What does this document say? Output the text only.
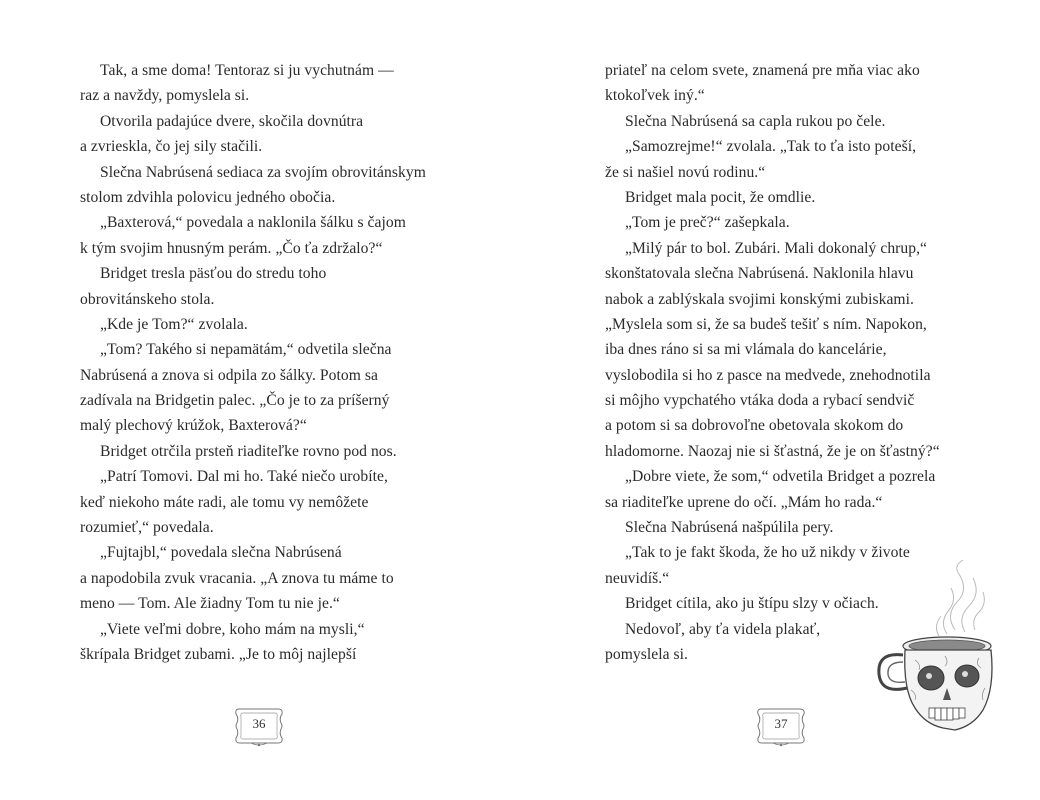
Tak, a sme doma! Tentoraz si ju vychutnám —
raz a navždy, pomyslela si.
Otvorila padajúce dvere, skočila dovnútra
a zvrieskla, čo jej sily stačili.
Slečna Nabrúsená sediaca za svojím obrovitánskym
stolom zdvihla polovicu jedného obočia.
„Baxterová,“ povedala a naklonila šálku s čajom
k tým svojim hnusným perám. „Čo ťa zdržalo?“
Bridget tresla päsťou do stredu toho
obrovitánskeho stola.
„Kde je Tom?“ zvolala.
„Tom? Takého si nepamätám,“ odvetila slečna
Nabrúsená a znova si odpila zo šálky. Potom sa
zadívala na Bridgetin palec. „Čo je to za príšerný
malý plechový krúžok, Baxterová?“
Bridget otrčila prsteň riaditeľke rovno pod nos.
„Patrí Tomovi. Dal mi ho. Také niečo urobíte,
keď niekoho máte radi, ale tomu vy nemôžete
rozumieť,“ povedala.
„Fujtajbl,“ povedala slečna Nabrúsená
a napodobila zvuk vracania. „A znova tu máme to
meno — Tom. Ale žiadny Tom tu nie je.“
„Viete veľmi dobre, koho mám na mysli,“
škrípala Bridget zubami. „Je to môj najlepší
36
priateľ na celom svete, znamená pre mňa viac ako
ktokoľvek iný.“
Slečna Nabrúsená sa capla rukou po čele.
„Samozrejme!“ zvolala. „Tak to ťa isto poteší,
že si našiel novú rodinu.“
Bridget mala pocit, že omdlie.
„Tom je preč?“ zašepkala.
„Milý pár to bol. Zubári. Mali dokonalý chrup,“
skonštatovala slečna Nabrúsená. Naklonila hlavu
nabok a zablýskala svojimi konskými zubiskami.
„Myslela som si, že sa budeš tešiť s ním. Napokon,
iba dnes ráno si sa mi vlámala do kancelárie,
vyslobodila si ho z pasce na medvede, znehodnotila
si môjho vypchatého vtáka doda a rybací sendvič
a potom si sa dobrovoľne obetovala skokom do
hladomorne. Naozaj nie si šťastná, že je on šťastný?“
„Dobre viete, že som,“ odvetila Bridget a pozrela
sa riaditeľke uprene do očí. „Mám ho rada.“
Slečna Nabrúsená našpúlila pery.
„Tak to je fakt škoda, že ho už nikdy v živote
neuvidíš.“
Bridget cítila, ako ju štípu slzy v očiach.
Nedovoľ, aby ťa videla plakať,
pomyslela si.
37
